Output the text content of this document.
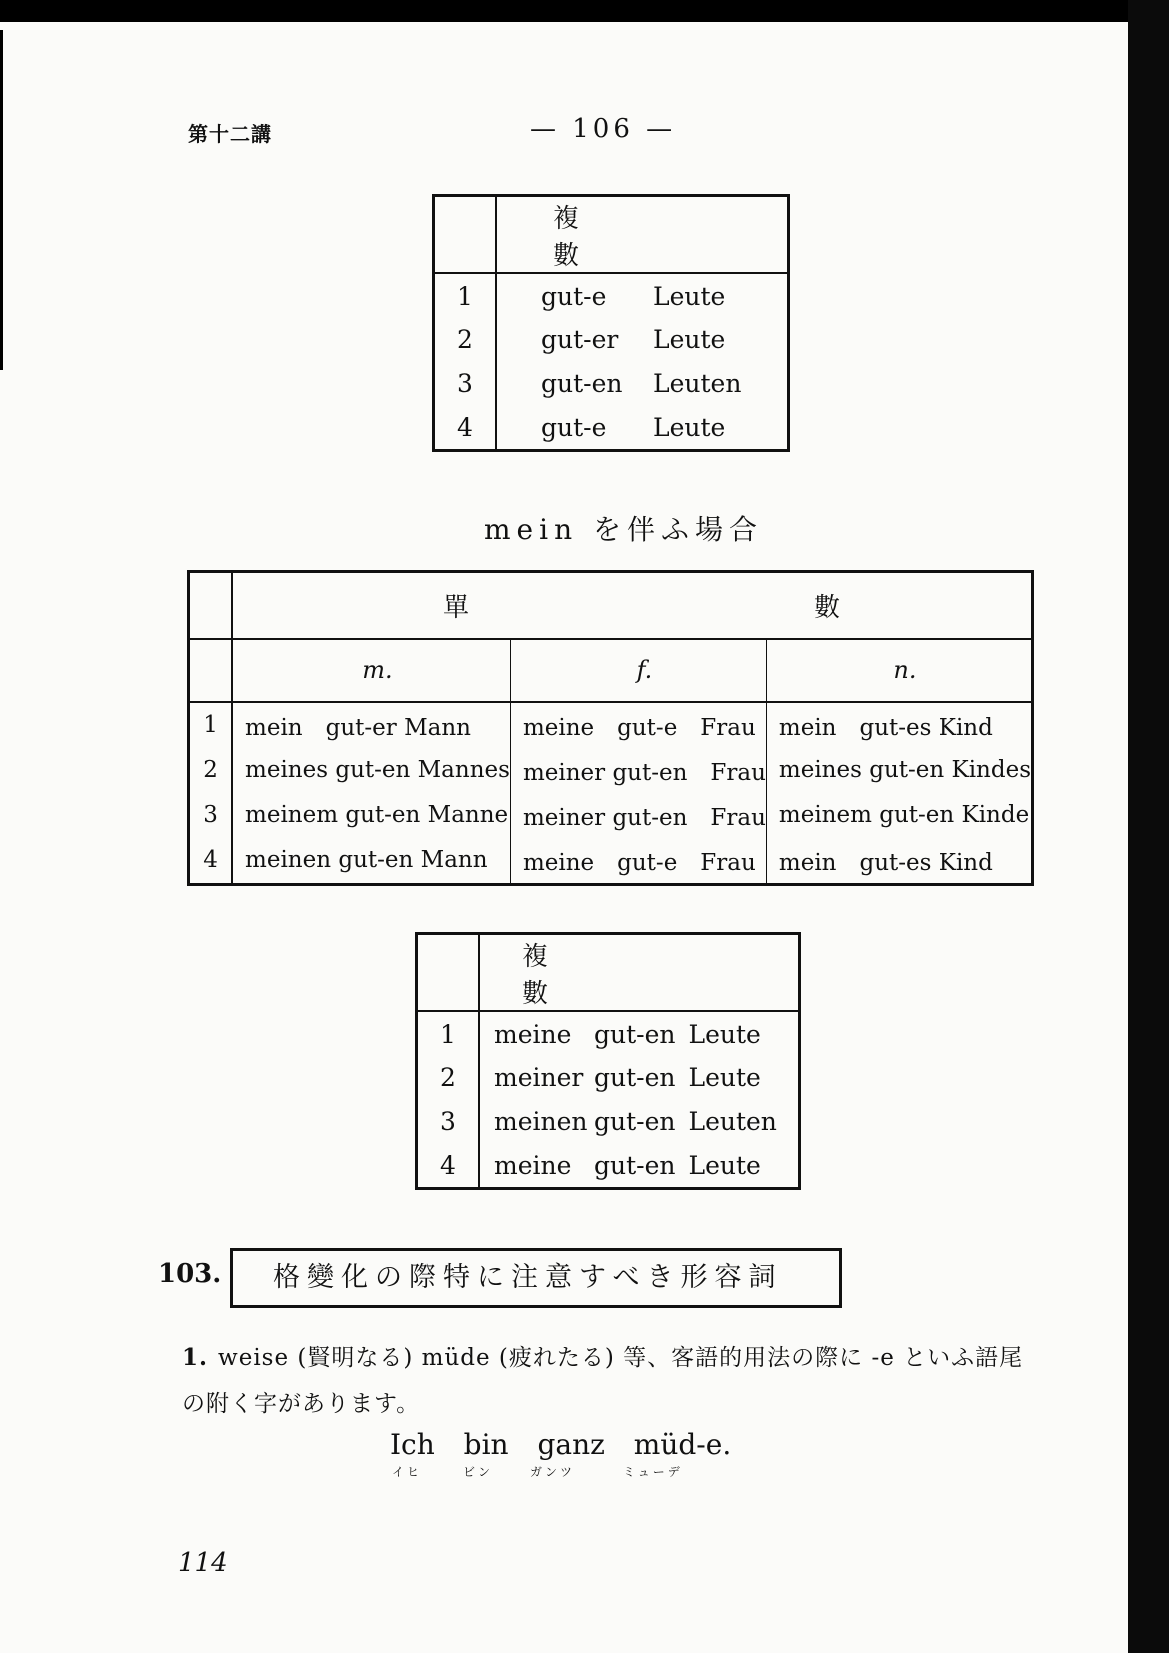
第十二講	— 106 —
	複　數	
1	gut-e	Leute
2	gut-er	Leute
3	gut-en	Leuten
4	gut-e	Leute
mein を伴ふ場合
	單 數		
	m.	f.	n.
1	mein　gut-er Mann	meine　gut-e　Frau	mein　gut-es Kind
2	meines gut-en Mannes	meiner gut-en　Frau	meines gut-en Kindes
3	meinem gut-en Manne	meiner gut-en　Frau	meinem gut-en Kinde
4	meinen gut-en Mann	meine　gut-e　Frau	mein　gut-es Kind
	複數		
1	meine	gut-en	Leute
2	meiner	gut-en	Leute
3	meinen	gut-en	Leuten
4	meine	gut-en	Leute
103.	格變化の際特に注意すべき形容詞
1. weise (賢明なる) müde (疲れたる) 等、客語的用法の際に -e といふ語尾の附く字があります。
Ich bin ganz müd-e.
イヒ	ビン	ガンツ	ミューデ
114
